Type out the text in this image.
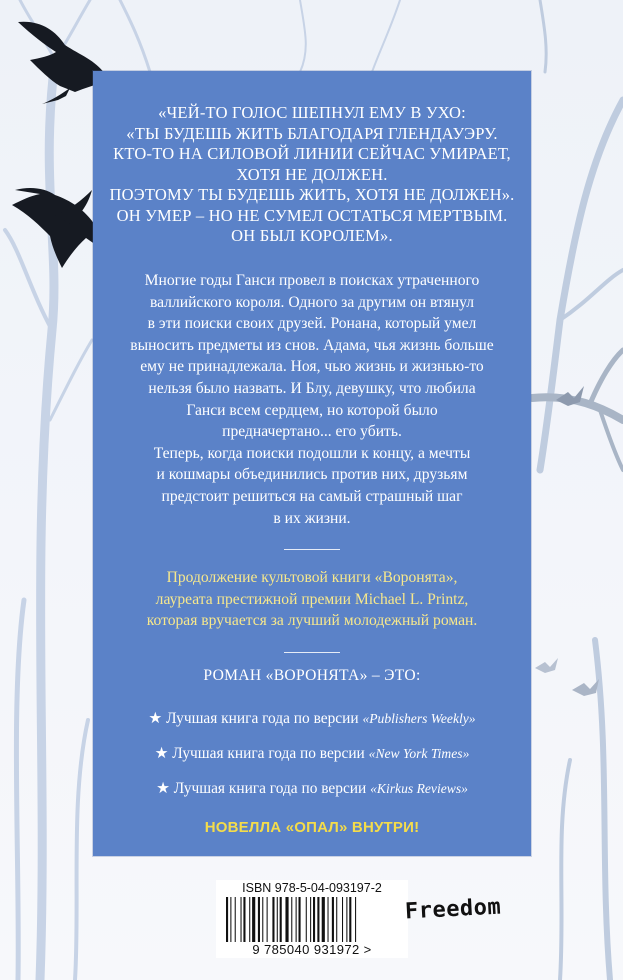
«ЧЕЙ-ТО ГОЛОС ШЕПНУЛ ЕМУ В УХО:
«ТЫ БУДЕШЬ ЖИТЬ БЛАГОДАРЯ ГЛЕНДАУЭРУ.
КТО-ТО НА СИЛОВОЙ ЛИНИИ СЕЙЧАС УМИРАЕТ,
ХОТЯ НЕ ДОЛЖЕН.
ПОЭТОМУ ТЫ БУДЕШЬ ЖИТЬ, ХОТЯ НЕ ДОЛЖЕН».
ОН УМЕР – НО НЕ СУМЕЛ ОСТАТЬСЯ МЕРТВЫМ.
ОН БЫЛ КОРОЛЕМ».
Многие годы Ганси провел в поисках утраченного
валлийского короля. Одного за другим он втянул
в эти поиски своих друзей. Ронана, который умел
выносить предметы из снов. Адама, чья жизнь больше
ему не принадлежала. Ноя, чью жизнь и жизнью-то
нельзя было назвать. И Блу, девушку, что любила
Ганси всем сердцем, но которой было
предначертано... его убить.
Теперь, когда поиски подошли к концу, а мечты
и кошмары объединились против них, друзьям
предстоит решиться на самый страшный шаг
в их жизни.
Продолжение культовой книги «Воронята»,
лауреата престижной премии Michael L. Printz,
которая вручается за лучший молодежный роман.
РОМАН «ВОРОНЯТА» – ЭТО:
★ Лучшая книга года по версии «Publishers Weekly»
★ Лучшая книга года по версии «New York Times»
★ Лучшая книга года по версии «Kirkus Reviews»
НОВЕЛЛА «ОПАЛ» ВНУТРИ!
ISBN 978-5-04-093197-2
9 785040 931972 >
Freedom
